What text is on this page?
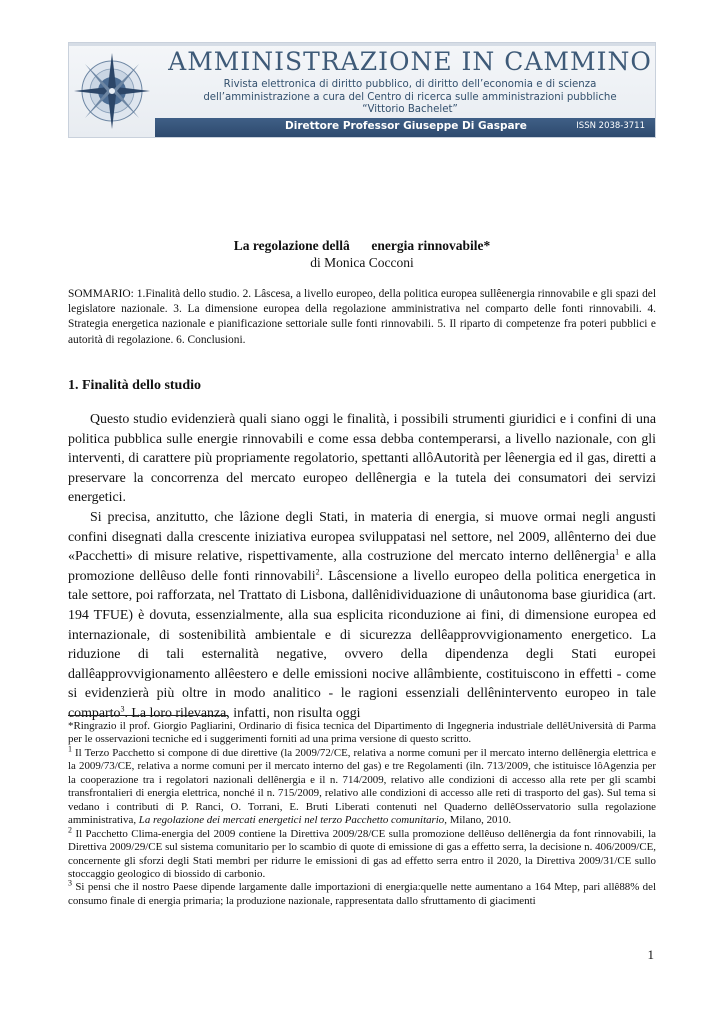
AMMINISTRAZIONE IN CAMMINO
Rivista elettronica di diritto pubblico, di diritto dell’economia e di scienza
dell’amministrazione a cura del Centro di ricerca sulle amministrazioni pubbliche
“Vittorio Bachelet”
Direttore Professor Giuseppe Di Gaspare	ISSN 2038-3711
La regolazione dellâenergia rinnovabile*
di Monica Cocconi

SOMMARIO: 1.Finalità dello studio. 2. Lâscesa, a livello europeo, della politica europea sullêenergia rinnovabile e gli spazi del legislatore nazionale. 3. La dimensione europea della regolazione amministrativa nel comparto delle fonti rinnovabili. 4. Strategia energetica nazionale e pianificazione settoriale sulle fonti rinnovabili. 5. Il riparto di competenze fra poteri pubblici e autorità di regolazione. 6. Conclusioni.

1. Finalità dello studio

Questo studio evidenzierà quali siano oggi le finalità, i possibili strumenti giuridici e i confini di una politica pubblica sulle energie rinnovabili e come essa debba contemperarsi, a livello nazionale, con gli interventi, di carattere più propriamente regolatorio, spettanti allôAutorità per lêenergia ed il gas, diretti a preservare la concorrenza del mercato europeo dellênergia e la tutela dei consumatori dei servizi energetici.

Si precisa, anzitutto, che lâzione degli Stati, in materia di energia, si muove ormai negli angusti confini disegnati dalla crescente iniziativa europea sviluppatasi nel settore, nel 2009, allênterno dei due «Pacchetti» di misure relative, rispettivamente, alla costruzione del mercato interno dellênergia$^1$ e alla promozione dellêuso delle fonti rinnovabili$^2$. Lâscensione a livello europeo della politica energetica in tale settore, poi rafforzata, nel Trattato di Lisbona, dallênidividuazione di unâutonoma base giuridica (art. 194 TFUE) è dovuta, essenzialmente, alla sua esplicita riconduzione ai fini, di dimensione europea ed internazionale, di sostenibilità ambientale e di sicurezza dellêapprovvigionamento energetico. La riduzione di tali esternalità negative, ovvero della dipendenza degli Stati europei dallêapprovvigionamento allêestero e delle emissioni nocive allâmbiente, costituiscono in effetti - come si evidenzierà più oltre in modo analitico - le ragioni essenziali dellênintervento europeo in tale comparto$^3$. La loro rilevanza, infatti, non risulta oggi

*Ringrazio il prof. Giorgio Pagliarini, Ordinario di fisica tecnica del Dipartimento di Ingegneria industriale dellêUniversità di Parma per le osservazioni tecniche ed i suggerimenti forniti ad una prima versione di questo scritto.

$^1$ Il Terzo Pacchetto si compone di due direttive (la 2009/72/CE, relativa a norme comuni per il mercato interno dellênergia elettrica e la 2009/73/CE, relativa a norme comuni per il mercato interno del gas) e tre Regolamenti (iln. 713/2009, che istituisce lôAgenzia per la cooperazione tra i regolatori nazionali dellênergia e il n. 714/2009, relativo alle condizioni di accesso alla rete per gli scambi transfrontalieri di energia elettrica, nonché il n. 715/2009, relativo alle condizioni di accesso alle reti di trasporto del gas). Sul tema si vedano i contributi di P. Ranci, O. Torrani, E. Bruti Liberati contenuti nel Quaderno dellêOsservatorio sulla regolazione amministrativa, La regolazione dei mercati energetici nel terzo Pacchetto comunitario, Milano, 2010.

$^2$ Il Pacchetto Clima-energia del 2009 contiene la Direttiva 2009/28/CE sulla promozione dellêuso dellênergia da font rinnovabili, la Direttiva 2009/29/CE sul sistema comunitario per lo scambio di quote di emissione di gas a effetto serra, la decisione n. 406/2009/CE, concernente gli sforzi degli Stati membri per ridurre le emissioni di gas ad effetto serra entro il 2020, la Direttiva 2009/31/CE sullo stoccaggio geologico di biossido di carbonio.

$^3$ Si pensi che il nostro Paese dipende largamente dalle importazioni di energia:quelle nette aumentano a 164 Mtep, pari allê88% del consumo finale di energia primaria; la produzione nazionale, rappresentata dallo sfruttamento di giacimenti

1
